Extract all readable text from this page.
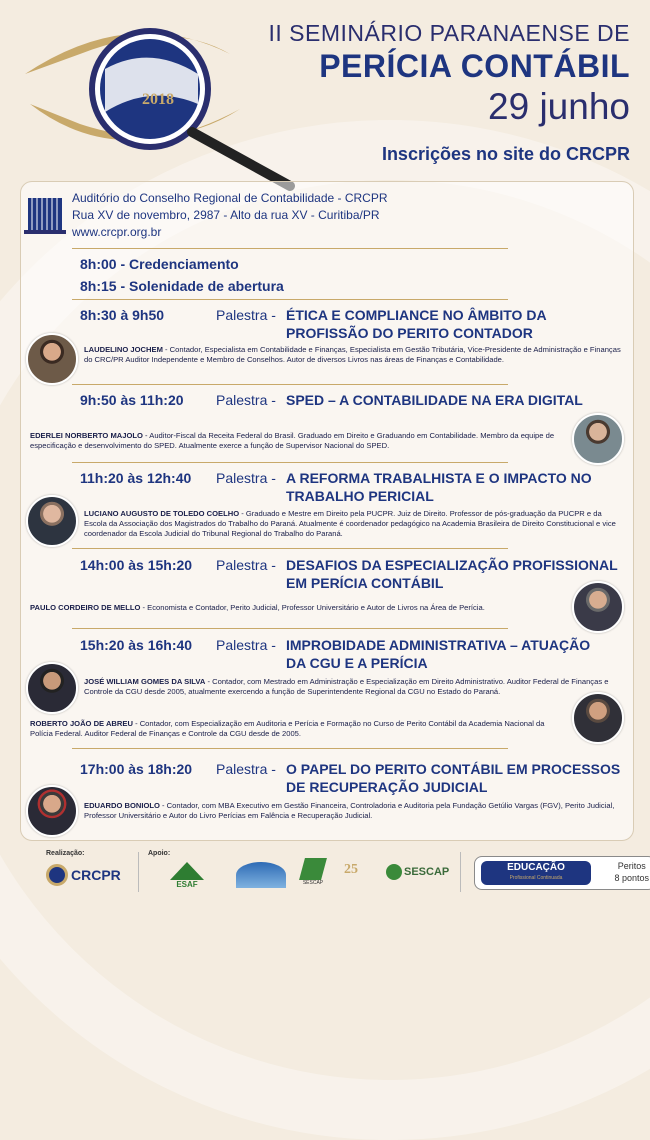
2018
II SEMINÁRIO PARANAENSE DE
PERÍCIA CONTÁBIL
29 junho
Inscrições no site do CRCPR
Auditório do Conselho Regional de Contabilidade - CRCPR
Rua XV de novembro, 2987 - Alto da rua XV - Curitiba/PR
www.crcpr.org.br
8h:00 - Credenciamento
8h:15 - Solenidade de abertura
8h:30 à 9h50	Palestra - ÉTICA E COMPLIANCE NO ÂMBITO DA
PROFISSÃO DO PERITO CONTADOR
LAUDELINO JOCHEM - Contador, Especialista em Contabilidade e Finanças, Especialista em Gestão Tributária, Vice-Presidente de Administração e Finanças do CRC/PR Auditor Independente e Membro de Conselhos. Autor de diversos Livros nas áreas de Finanças e Contabilidade.
9h:50 às 11h:20 Palestra - SPED – A CONTABILIDADE NA ERA DIGITAL
EDERLEI NORBERTO MAJOLO - Auditor-Fiscal da Receita Federal do Brasil. Graduado em Direito e Graduando em Contabilidade. Membro da equipe de especificação e desenvolvimento do SPED. Atualmente exerce a função de Supervisor Nacional do SPED.
11h:20 às 12h:40 Palestra - A REFORMA TRABALHISTA E O IMPACTO NO
TRABALHO PERICIAL
LUCIANO AUGUSTO DE TOLEDO COELHO - Graduado e Mestre em Direito pela PUCPR. Juiz de Direito. Professor de pós-graduação da PUCPR e da Escola da Associação dos Magistrados do Trabalho do Paraná. Atualmente é coordenador pedagógico na Academia Brasileira de Direito Constitucional e vice coordenador da Escola Judicial do Tribunal Regional do Trabalho do Paraná.
14h:00 às 15h:20 Palestra - DESAFIOS DA ESPECIALIZAÇÃO PROFISSIONAL
EM PERÍCIA CONTÁBIL
PAULO CORDEIRO DE MELLO - Economista e Contador, Perito Judicial, Professor Universitário e Autor de Livros na Área de Perícia.
15h:20 às 16h:40 Palestra - IMPROBIDADE ADMINISTRATIVA – ATUAÇÃO
DA CGU E A PERÍCIA
JOSÉ WILLIAM GOMES DA SILVA - Contador, com Mestrado em Administração e Especialização em Direito Administrativo. Auditor Federal de Finanças e Controle da CGU desde 2005, atualmente exercendo a função de Superintendente Regional da CGU no Estado do Paraná.
ROBERTO JOÃO DE ABREU - Contador, com Especialização em Auditoria e Perícia e Formação no Curso de Perito Contábil da Academia Nacional da Polícia Federal. Auditor Federal de Finanças e Controle da CGU desde de 2005.
17h:00 às 18h:20 Palestra - O PAPEL DO PERITO CONTÁBIL EM PROCESSOS
DE RECUPERAÇÃO JUDICIAL
EDUARDO BONIOLO - Contador, com MBA Executivo em Gestão Financeira, Controladoria e Auditoria pela Fundação Getúlio Vargas (FGV), Perito Judicial, Professor Universitário e Autor do Livro Perícias em Falência e Recuperação Judicial.
Realização:
CRCPR
Apoio:
ESAF	SESCAP
25	SESCAP	EDUCAÇÃO
Profissional Continuada
Peritos
8 pontos
